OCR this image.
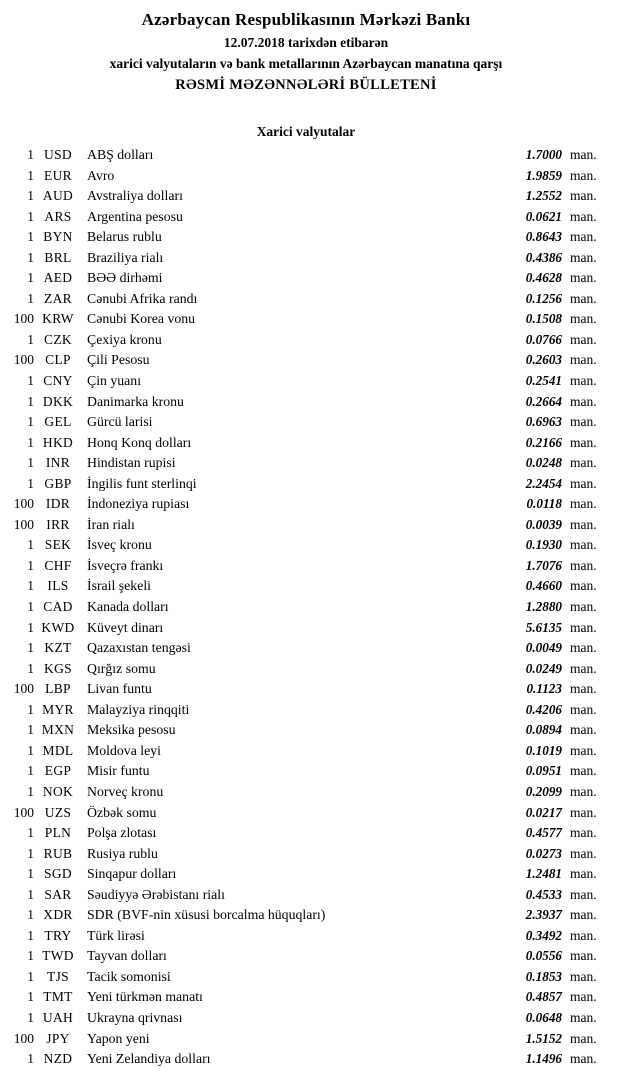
Azərbaycan Respublikasının Mərkəzi Bankı
12.07.2018 tarixdən etibarən
xarici valyutaların və bank metallarının Azərbaycan manatına qarşı
RƏSMİ MƏZƏNNƏLƏRİ BÜLLETENİ
Xarici valyutalar
1 USD	ABŞ dolları	1.7000 man.
1 EUR	Avro	1.9859 man.
1 AUD	Avstraliya dolları	1.2552 man.
1 ARS	Argentina pesosu	0.0621 man.
1 BYN	Belarus rublu	0.8643 man.
1 BRL	Braziliya rialı	0.4386 man.
1 AED	BƏƏ dirhəmi	0.4628 man.
1 ZAR	Cənubi Afrika randı	0.1256 man.
100 KRW Cənubi Korea vonu	0.1508 man.
1 CZK	Çexiya kronu	0.0766 man.
100 CLP	Çili Pesosu	0.2603 man.
1 CNY	Çin yuanı	0.2541 man.
1 DKK	Danimarka kronu	0.2664 man.
1 GEL	Gürcü larisi	0.6963 man.
1 HKD	Honq Konq dolları	0.2166 man.
1 INR	Hindistan rupisi	0.0248 man.
1 GBP	İngilis funt sterlinqi	2.2454 man.
100 IDR	İndoneziya rupiası	0.0118 man.
100 IRR	İran rialı	0.0039 man.
1 SEK	İsveç kronu	0.1930 man.
1 CHF	İsveçrə frankı	1.7076 man.
1 ILS	İsrail şekeli	0.4660 man.
1 CAD	Kanada dolları	1.2880 man.
1 KWD Küveyt dinarı	5.6135 man.
1 KZT	Qazaxıstan tengəsi	0.0049 man.
1 KGS	Qırğız somu	0.0249 man.
100 LBP	Livan funtu	0.1123 man.
1 MYR Malayziya rinqqiti	0.4206 man.
1 MXN Meksika pesosu	0.0894 man.
1 MDL Moldova leyi	0.1019 man.
1 EGP	Misir funtu	0.0951 man.
1 NOK	Norveç kronu	0.2099 man.
100 UZS	Özbək somu	0.0217 man.
1 PLN	Polşa zlotası	0.4577 man.
1 RUB	Rusiya rublu	0.0273 man.
1 SGD	Sinqapur dolları	1.2481 man.
1 SAR	Səudiyyə Ərəbistanı rialı	0.4533 man.
1 XDR	SDR (BVF-nin xüsusi borcalma hüquqları)	2.3937 man.
1 TRY	Türk lirəsi	0.3492 man.
1 TWD Tayvan dolları	0.0556 man.
1 TJS	Tacik somonisi	0.1853 man.
1 TMT	Yeni türkmən manatı	0.4857 man.
1 UAH	Ukrayna qrivnası	0.0648 man.
100 JPY	Yapon yeni	1.5152 man.
1 NZD	Yeni Zelandiya dolları	1.1496 man.
